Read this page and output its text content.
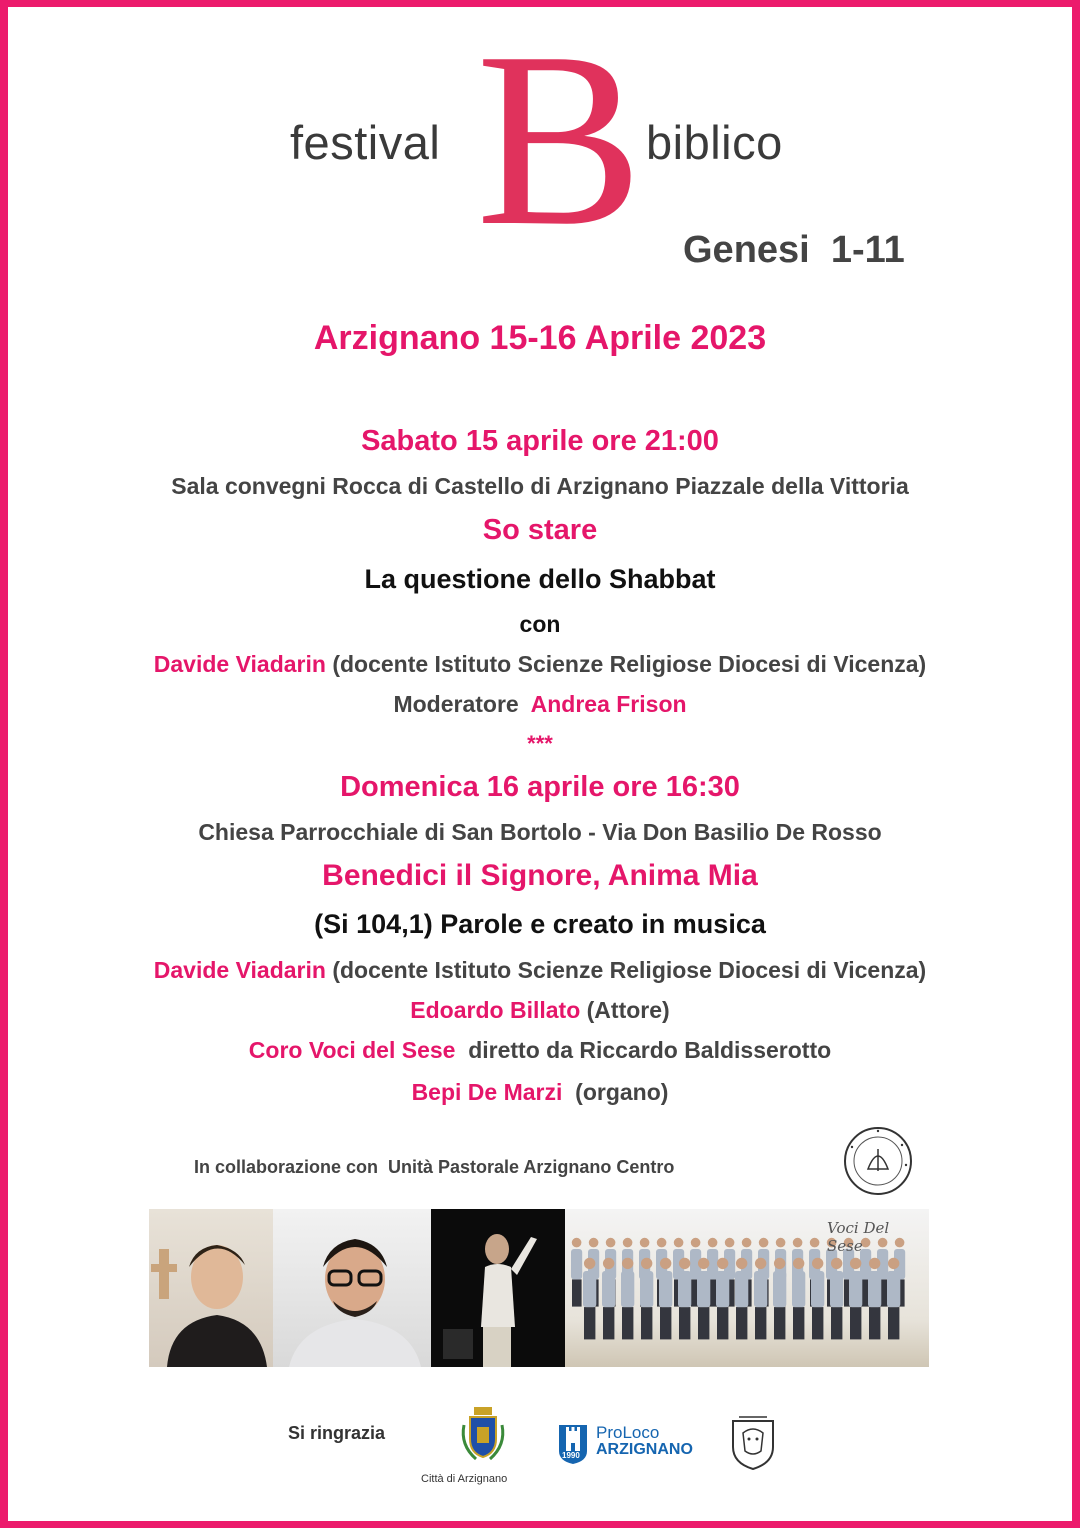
festival B biblico
Genesi  1-11
Arzignano 15-16 Aprile 2023
Sabato 15 aprile ore 21:00
Sala convegni Rocca di Castello di Arzignano Piazzale della Vittoria
So stare
La questione dello Shabbat
con
Davide Viadarin (docente Istituto Scienze Religiose Diocesi di Vicenza)
Moderatore  Andrea Frison
***
Domenica 16 aprile ore 16:30
Chiesa Parrocchiale di San Bortolo - Via Don Basilio De Rosso
Benedici il Signore, Anima Mia
(Si 104,1) Parole e creato in musica
Davide Viadarin (docente Istituto Scienze Religiose Diocesi di Vicenza)
Edoardo Billato (Attore)
Coro Voci del Sese  diretto da Riccardo Baldisserotto
Bepi De Marzi  (organo)
In collaborazione con  Unità Pastorale Arzignano Centro
Voci Del Sese
Si ringrazia
Città di Arzignano
1990
ProLoco
ARZIGNANO
